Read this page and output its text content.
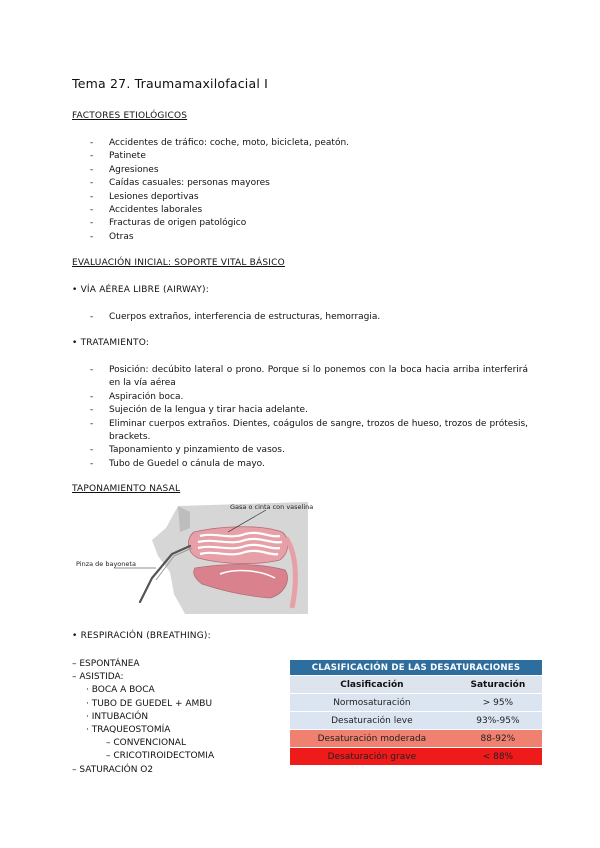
Tema 27. Traumamaxilofacial I
FACTORES ETIOLÓGICOS
- Accidentes de tráfico: coche, moto, bicicleta, peatón.
- Patinete
- Agresiones
- Caídas casuales: personas mayores
- Lesiones deportivas
- Accidentes laborales
- Fracturas de origen patológico
- Otras
EVALUACIÓN INICIAL: SOPORTE VITAL BÁSICO
• VÍA AÉREA LIBRE (AIRWAY):
- Cuerpos extraños, interferencia de estructuras, hemorragia.
• TRATAMIENTO:
- Posición: decúbito lateral o prono. Porque si lo ponemos con la boca hacia arriba interferirá en la vía aérea
- Aspiración boca.
- Sujeción de la lengua y tirar hacia adelante.
- Eliminar cuerpos extraños. Dientes, coágulos de sangre, trozos de hueso, trozos de prótesis, brackets.
- Taponamiento y pinzamiento de vasos.
- Tubo de Guedel o cánula de mayo.
TAPONAMIENTO NASAL
Gasa o cinta con vaselina
Pinza de bayoneta
• RESPIRACIÓN (BREATHING):
– ESPONTÁNEA
– ASISTIDA:
· BOCA A BOCA
· TUBO DE GUEDEL + AMBU
· INTUBACIÓN
· TRAQUEOSTOMÍA
– CONVENCIONAL
– CRICOTIROIDECTOMIA
– SATURACIÓN O2
CLASIFICACIÓN DE LAS DESATURACIONES	
Clasificación	Saturación
Normosaturación	> 95%
Desaturación leve	93%-95%
Desaturación moderada	88-92%
Desaturación grave	< 88%
